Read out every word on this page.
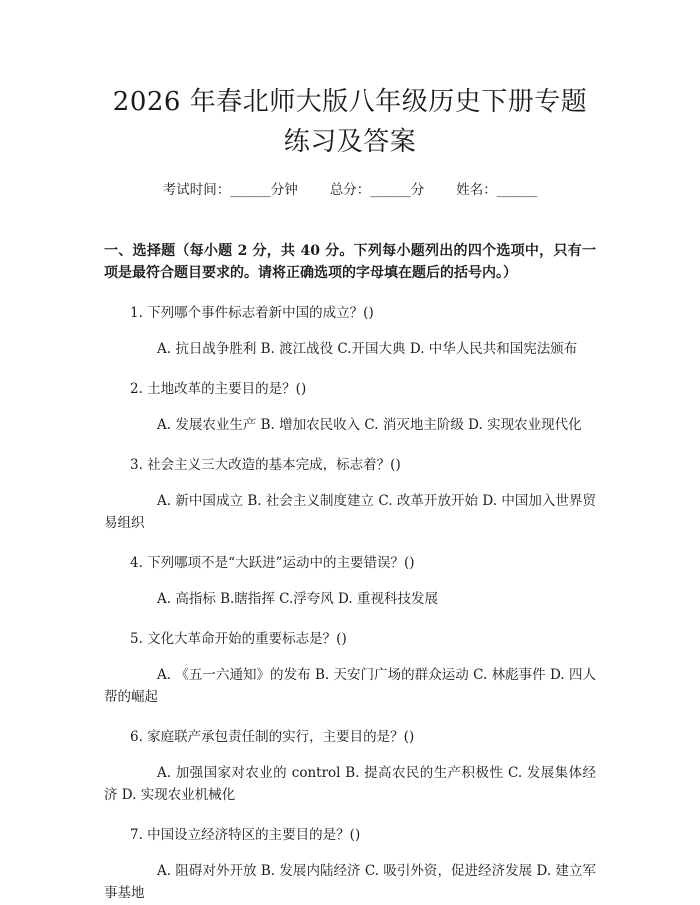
2026 年春北师大版八年级历史下册专题练习及答案
考试时间：______分钟 总分：______分 姓名：______
一、选择题（每小题 2 分，共 40 分。下列每小题列出的四个选项中，只有一项是最符合题目要求的。请将正确选项的字母填在题后的括号内。）

1. 下列哪个事件标志着新中国的成立？()

A. 抗日战争胜利 B. 渡江战役 C.开国大典 D. 中华人民共和国宪法颁布

2. 土地改革的主要目的是？()

A. 发展农业生产 B. 增加农民收入 C. 消灭地主阶级 D. 实现农业现代化

3. 社会主义三大改造的基本完成，标志着？()

A. 新中国成立 B. 社会主义制度建立 C. 改革开放开始 D. 中国加入世界贸易组织

4. 下列哪项不是“大跃进”运动中的主要错误？()

A. 高指标 B.瞎指挥 C.浮夸风 D. 重视科技发展

5. 文化大革命开始的重要标志是？()

A. 《五一六通知》的发布 B. 天安门广场的群众运动 C. 林彪事件 D. 四人帮的崛起

6. 家庭联产承包责任制的实行，主要目的是？()

A. 加强国家对农业的 control B. 提高农民的生产积极性 C. 发展集体经济 D. 实现农业机械化

7. 中国设立经济特区的主要目的是？()

A. 阻碍对外开放 B. 发展内陆经济 C. 吸引外资，促进经济发展 D. 建立军事基地
